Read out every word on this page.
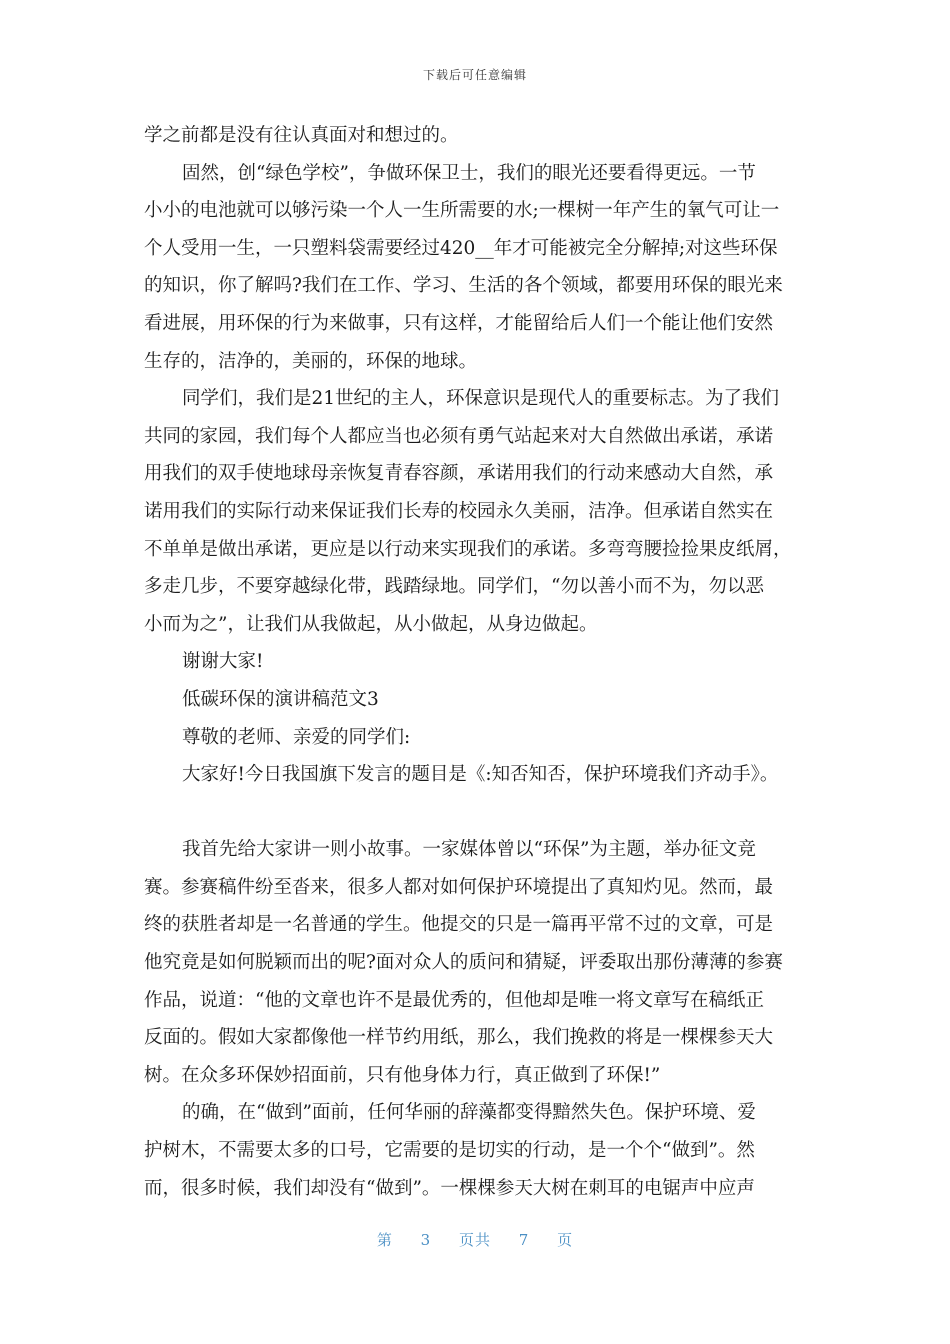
下载后可任意编辑
学之前都是没有往认真面对和想过的。
固然，创“绿色学校”，争做环保卫士，我们的眼光还要看得更远。一节
小小的电池就可以够污染一个人一生所需要的水;一棵树一年产生的氧气可让一
个人受用一生，一只塑料袋需要经过420__年才可能被完全分解掉;对这些环保
的知识，你了解吗?我们在工作、学习、生活的各个领域，都要用环保的眼光来
看进展，用环保的行为来做事，只有这样，才能留给后人们一个能让他们安然
生存的，洁净的，美丽的，环保的地球。
同学们，我们是21世纪的主人，环保意识是现代人的重要标志。为了我们
共同的家园，我们每个人都应当也必须有勇气站起来对大自然做出承诺，承诺
用我们的双手使地球母亲恢复青春容颜，承诺用我们的行动来感动大自然，承
诺用我们的实际行动来保证我们长寿的校园永久美丽，洁净。但承诺自然实在
不单单是做出承诺，更应是以行动来实现我们的承诺。多弯弯腰捡捡果皮纸屑，
多走几步，不要穿越绿化带，践踏绿地。同学们，“勿以善小而不为，勿以恶
小而为之”，让我们从我做起，从小做起，从身边做起。
谢谢大家!
低碳环保的演讲稿范文3
尊敬的老师、亲爱的同学们:
大家好!今日我国旗下发言的题目是《:知否知否，保护环境我们齐动手》。
我首先给大家讲一则小故事。一家媒体曾以“环保”为主题，举办征文竞
赛。参赛稿件纷至沓来，很多人都对如何保护环境提出了真知灼见。然而，最
终的获胜者却是一名普通的学生。他提交的只是一篇再平常不过的文章，可是
他究竟是如何脱颖而出的呢?面对众人的质问和猜疑，评委取出那份薄薄的参赛
作品，说道：“他的文章也许不是最优秀的，但他却是唯一将文章写在稿纸正
反面的。假如大家都像他一样节约用纸，那么，我们挽救的将是一棵棵参天大
树。在众多环保妙招面前，只有他身体力行，真正做到了环保!”
的确，在“做到”面前，任何华丽的辞藻都变得黯然失色。保护环境、爱
护树木，不需要太多的口号，它需要的是切实的行动，是一个个“做到”。然
而，很多时候，我们却没有“做到”。一棵棵参天大树在刺耳的电锯声中应声
第 3 页共 7 页
